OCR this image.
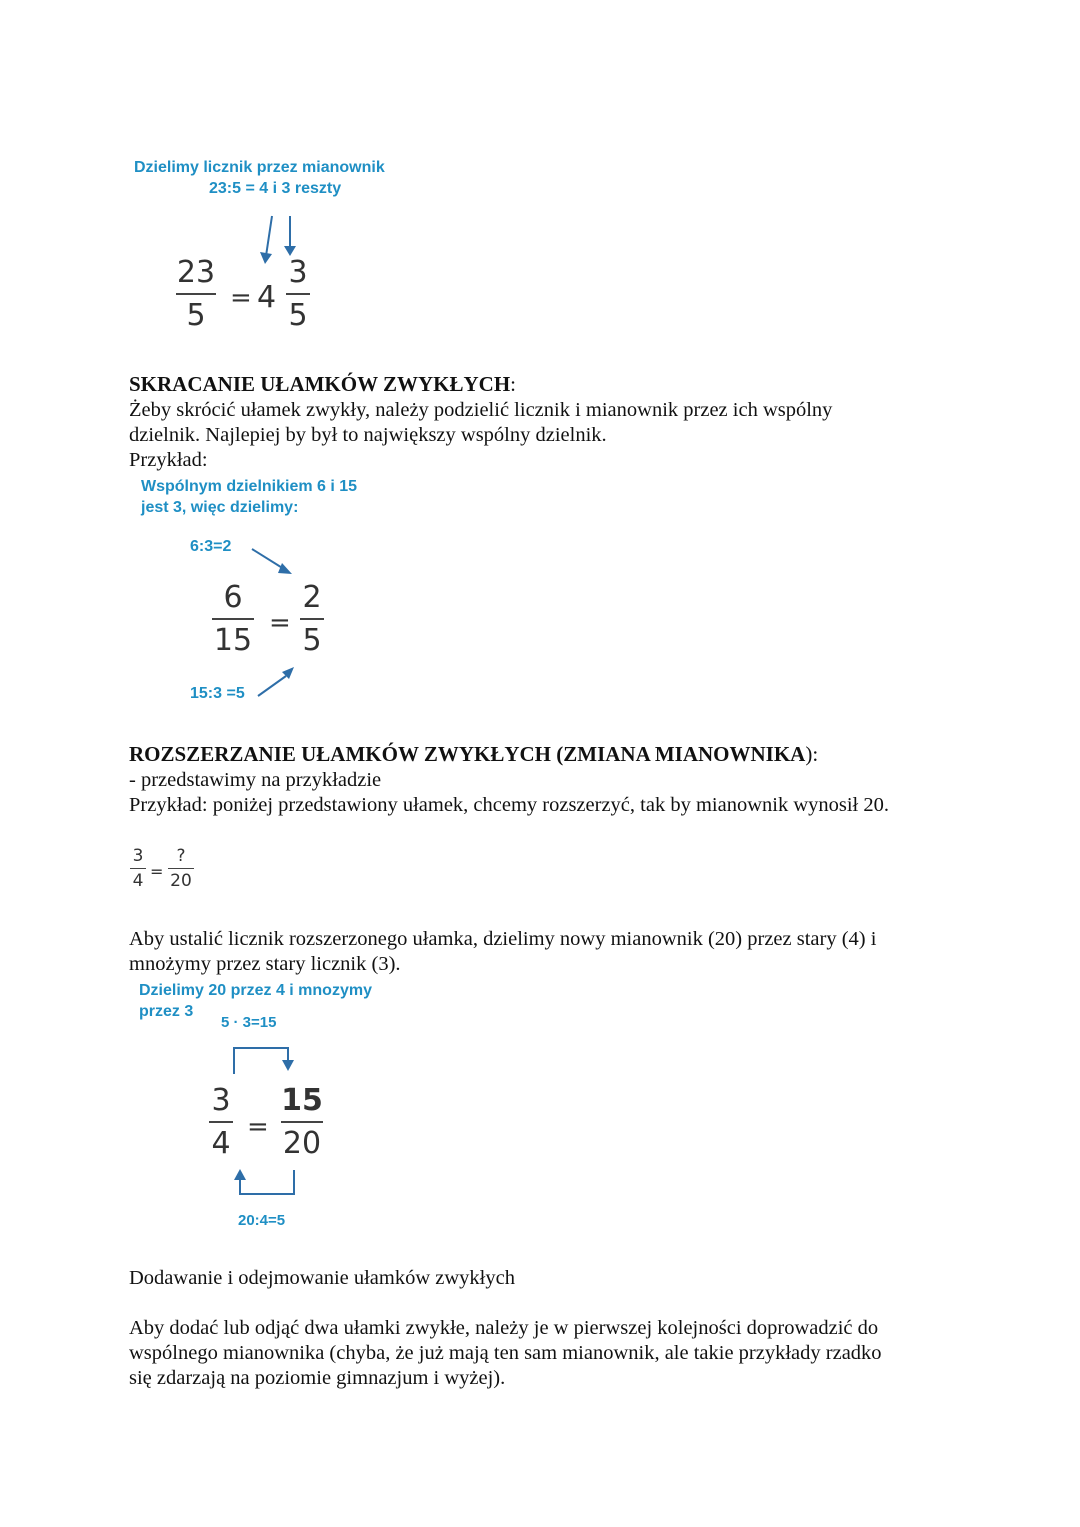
Dzielimy licznik przez mianownik
23:5 = 4 i 3 reszty
23
5 = 4
3
5
SKRACANIE UŁAMKÓW ZWYKŁYCH:
Żeby skrócić ułamek zwykły, należy podzielić licznik i mianownik przez ich wspólny
dzielnik. Najlepiej by był to największy wspólny dzielnik.
Przykład:
Wspólnym dzielnikiem 6 i 15
jest 3, więc dzielimy:
6:3=2
6
15 =
2
5
15:3 =5
ROZSZERZANIE UŁAMKÓW ZWYKŁYCH (ZMIANA MIANOWNIKA):
- przedstawimy na przykładzie
Przykład: poniżej przedstawiony ułamek, chcemy rozszerzyć, tak by mianownik wynosił 20.
3
4 =
?
20
Aby ustalić licznik rozszerzonego ułamka, dzielimy nowy mianownik (20) przez stary (4) i
mnożymy przez stary licznik (3).
Dzielimy 20 przez 4 i mnozymy
przez 3
5 · 3=15
3
4 =
15
20
20:4=5
Dodawanie i odejmowanie ułamków zwykłych
Aby dodać lub odjąć dwa ułamki zwykłe, należy je w pierwszej kolejności doprowadzić do
wspólnego mianownika (chyba, że już mają ten sam mianownik, ale takie przykłady rzadko
się zdarzają na poziomie gimnazjum i wyżej).
